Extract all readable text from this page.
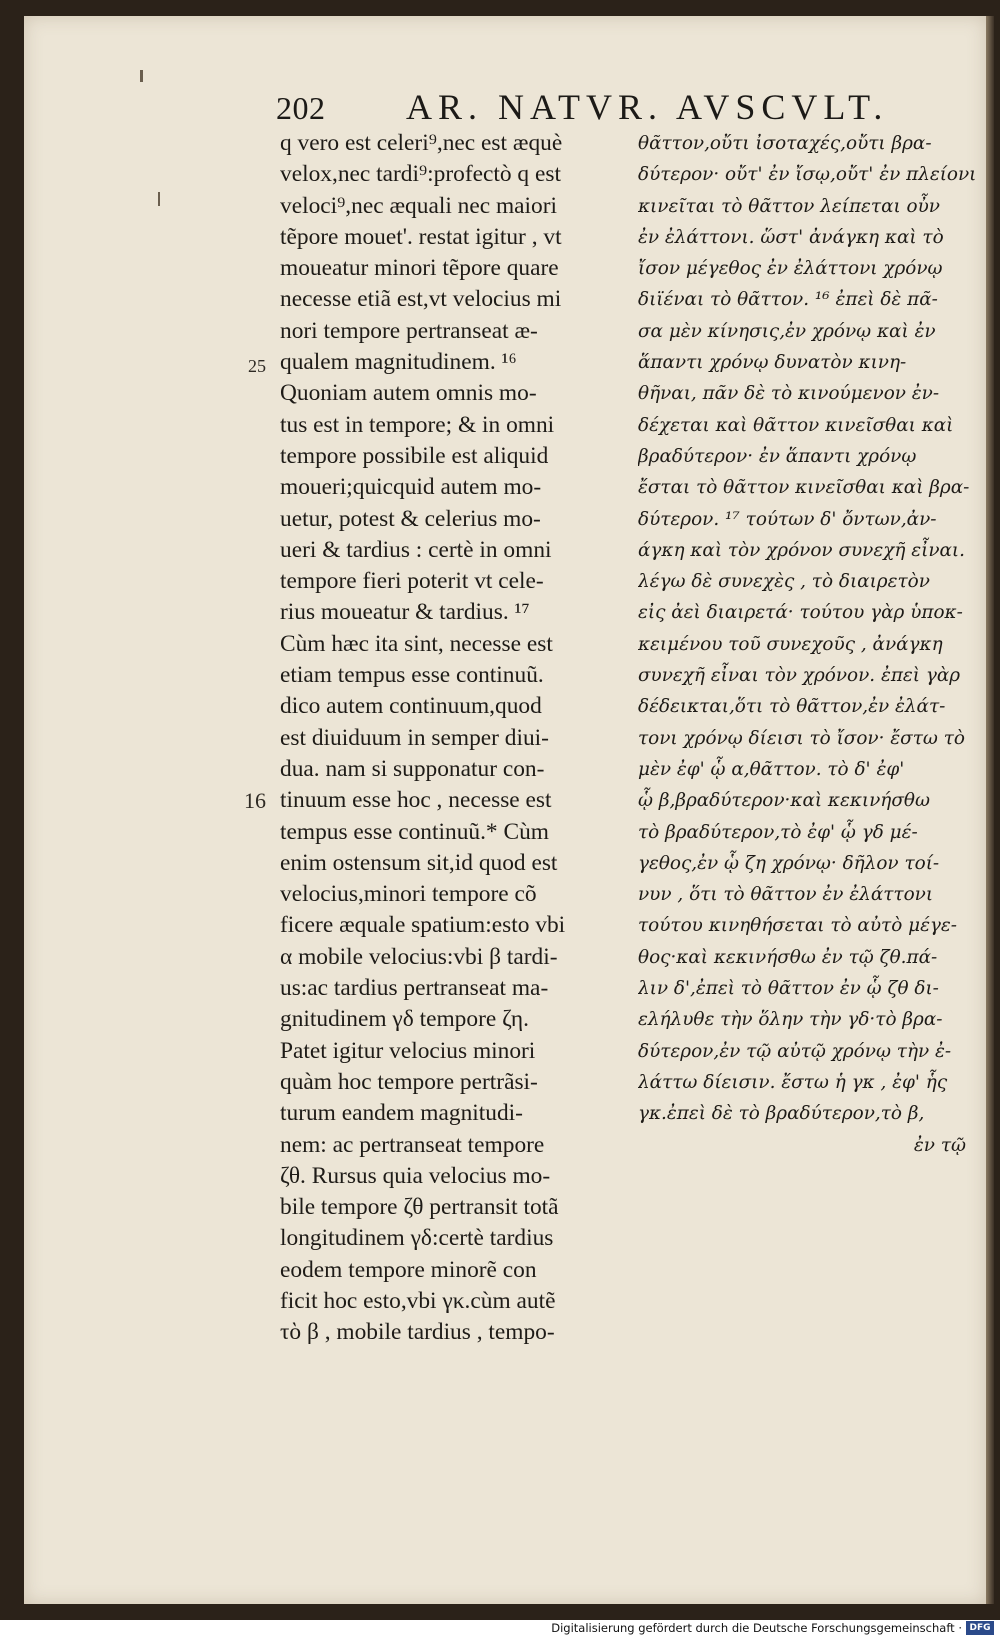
202 AR. NATVR. AVSCVLT.
25
16
q vero est celeri⁹,nec est æquè
velox,nec tardi⁹:profectò q est
veloci⁹,nec æquali nec maiori
tẽpore mouet'. restat igitur , vt
moueatur minori tẽpore quare
necesse etiã est,vt velocius mi
nori tempore pertranseat æ-
qualem magnitudinem. ¹⁶
Quoniam autem omnis mo-
tus est in tempore; & in omni
tempore possibile est aliquid
moueri;quicquid autem mo-
uetur, potest & celerius mo-
ueri & tardius : certè in omni
tempore fieri poterit vt cele-
rius moueatur & tardius. ¹⁷
Cùm hæc ita sint, necesse est
etiam tempus esse continuũ.
dico autem continuum,quod
est diuiduum in semper diui-
dua. nam si supponatur con-
tinuum esse hoc , necesse est
tempus esse continuũ.* Cùm
enim ostensum sit,id quod est
velocius,minori tempore cõ
ficere æquale spatium:esto vbi
α mobile velocius:vbi β tardi-
us:ac tardius pertranseat ma-
gnitudinem γδ tempore ζη.
Patet igitur velocius minori
quàm hoc tempore pertrãsi-
turum eandem magnitudi-
nem: ac pertranseat tempore
ζθ. Rursus quia velocius mo-
bile tempore ζθ pertransit totã
longitudinem γδ:certè tardius
eodem tempore minorẽ con
ficit hoc esto,vbi γκ.cùm autẽ
τὸ β , mobile tardius , tempo-
θᾶττον,οὔτι ἰσοταχές,οὔτι βρα-
δύτερον· οὔτ' ἐν ἴσῳ,οὔτ' ἐν πλείονι
κινεῖται τὸ θᾶττον λείπεται οὖν
ἐν ἐλάττονι. ὥστ' ἀνάγκη καὶ τὸ
ἴσον μέγεθος ἐν ἐλάττονι χρόνῳ
διϊέναι τὸ θᾶττον. ¹⁶ ἐπεὶ δὲ πᾶ-
σα μὲν κίνησις,ἐν χρόνῳ καὶ ἐν
ἅπαντι χρόνῳ δυνατὸν κινη-
θῆναι, πᾶν δὲ τὸ κινούμενον ἐν-
δέχεται καὶ θᾶττον κινεῖσθαι καὶ
βραδύτερον· ἐν ἅπαντι χρόνῳ
ἔσται τὸ θᾶττον κινεῖσθαι καὶ βρα-
δύτερον. ¹⁷ τούτων δ' ὄντων,ἀν-
άγκη καὶ τὸν χρόνον συνεχῆ εἶναι.
λέγω δὲ συνεχὲς , τὸ διαιρετὸν
εἰς ἀεὶ διαιρετά· τούτου γὰρ ὑποκ-
κειμένου τοῦ συνεχοῦς , ἀνάγκη
συνεχῆ εἶναι τὸν χρόνον. ἐπεὶ γὰρ
δέδεικται,ὅτι τὸ θᾶττον,ἐν ἐλάτ-
τονι χρόνῳ δίεισι τὸ ἴσον· ἔστω τὸ
μὲν ἐφ' ᾧ α,θᾶττον. τὸ δ' ἐφ'
ᾧ β,βραδύτερον·καὶ κεκινήσθω
τὸ βραδύτερον,τὸ ἐφ' ᾧ γδ μέ-
γεθος,ἐν ᾧ ζη χρόνῳ· δῆλον τοί-
νυν , ὅτι τὸ θᾶττον ἐν ἐλάττονι
τούτου κινηθήσεται τὸ αὐτὸ μέγε-
θος·καὶ κεκινήσθω ἐν τῷ ζθ.πά-
λιν δ',ἐπεὶ τὸ θᾶττον ἐν ᾧ ζθ δι-
ελήλυθε τὴν ὅλην τὴν γδ·τὸ βρα-
δύτερον,ἐν τῷ αὐτῷ χρόνῳ τὴν ἐ-
λάττω δίεισιν. ἔστω ἡ γκ , ἐφ' ἧς
γκ.ἐπεὶ δὲ τὸ βραδύτερον,τὸ β,
ἐν τῷ
Digitalisierung gefördert durch die Deutsche Forschungsgemeinschaft · DFG
